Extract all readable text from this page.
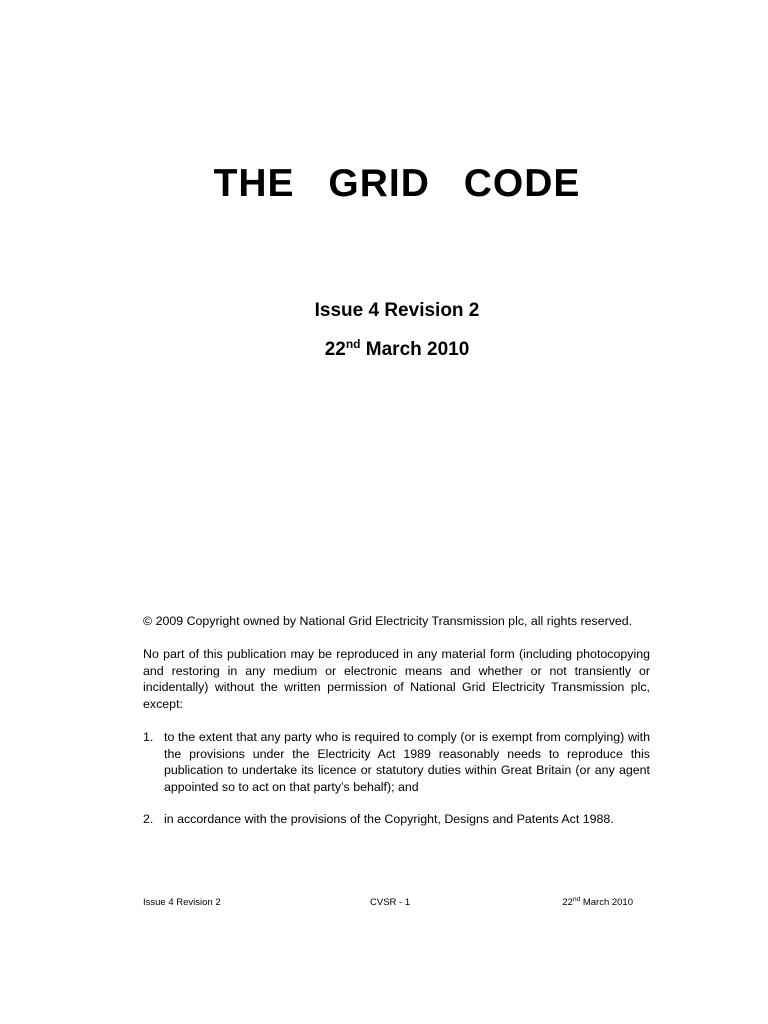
THE GRID CODE

Issue 4 Revision 2

22nd March 2010

© 2009 Copyright owned by National Grid Electricity Transmission plc, all rights reserved.

No part of this publication may be reproduced in any material form (including photocopying and restoring in any medium or electronic means and whether or not transiently or incidentally) without the written permission of National Grid Electricity Transmission plc, except:

1. to the extent that any party who is required to comply (or is exempt from complying) with the provisions under the Electricity Act 1989 reasonably needs to reproduce this publication to undertake its licence or statutory duties within Great Britain (or any agent appointed so to act on that party’s behalf); and
2. in accordance with the provisions of the Copyright, Designs and Patents Act 1988.
Issue 4 Revision 2	CVSR - 1	22nd March 2010
